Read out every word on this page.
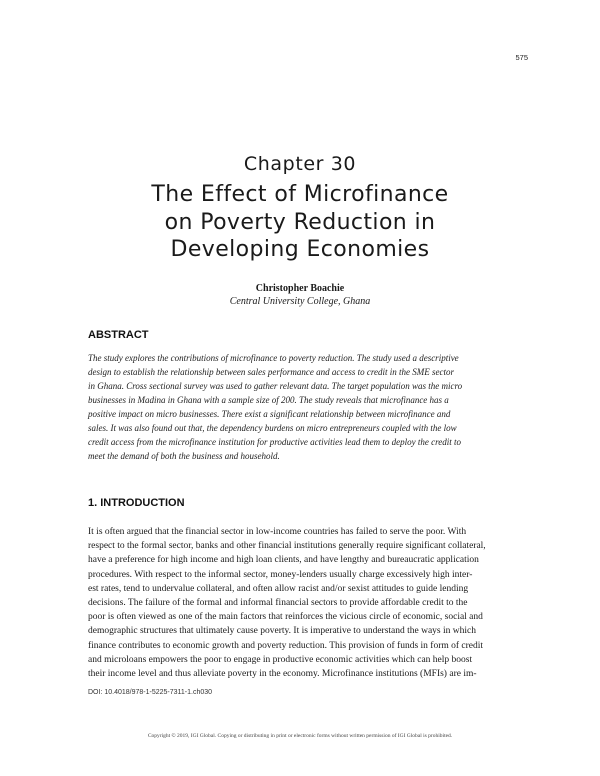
575
Chapter 30
The Effect of Microfinance
on Poverty Reduction in
Developing Economies
Christopher Boachie
Central University College, Ghana
ABSTRACT

The study explores the contributions of microfinance to poverty reduction. The study used a descriptive
design to establish the relationship between sales performance and access to credit in the SME sector
in Ghana. Cross sectional survey was used to gather relevant data. The target population was the micro
businesses in Madina in Ghana with a sample size of 200. The study reveals that microfinance has a
positive impact on micro businesses. There exist a significant relationship between microfinance and
sales. It was also found out that, the dependency burdens on micro entrepreneurs coupled with the low
credit access from the microfinance institution for productive activities lead them to deploy the credit to
meet the demand of both the business and household.

1. INTRODUCTION

It is often argued that the financial sector in low-income countries has failed to serve the poor. With
respect to the formal sector, banks and other financial institutions generally require significant collateral,
have a preference for high income and high loan clients, and have lengthy and bureaucratic application
procedures. With respect to the informal sector, money-lenders usually charge excessively high inter-
est rates, tend to undervalue collateral, and often allow racist and/or sexist attitudes to guide lending
decisions. The failure of the formal and informal financial sectors to provide affordable credit to the
poor is often viewed as one of the main factors that reinforces the vicious circle of economic, social and
demographic structures that ultimately cause poverty. It is imperative to understand the ways in which
finance contributes to economic growth and poverty reduction. This provision of funds in form of credit
and microloans empowers the poor to engage in productive economic activities which can help boost
their income level and thus alleviate poverty in the economy. Microfinance institutions (MFIs) are im-

DOI: 10.4018/978-1-5225-7311-1.ch030
Copyright © 2019, IGI Global. Copying or distributing in print or electronic forms without written permission of IGI Global is prohibited.
